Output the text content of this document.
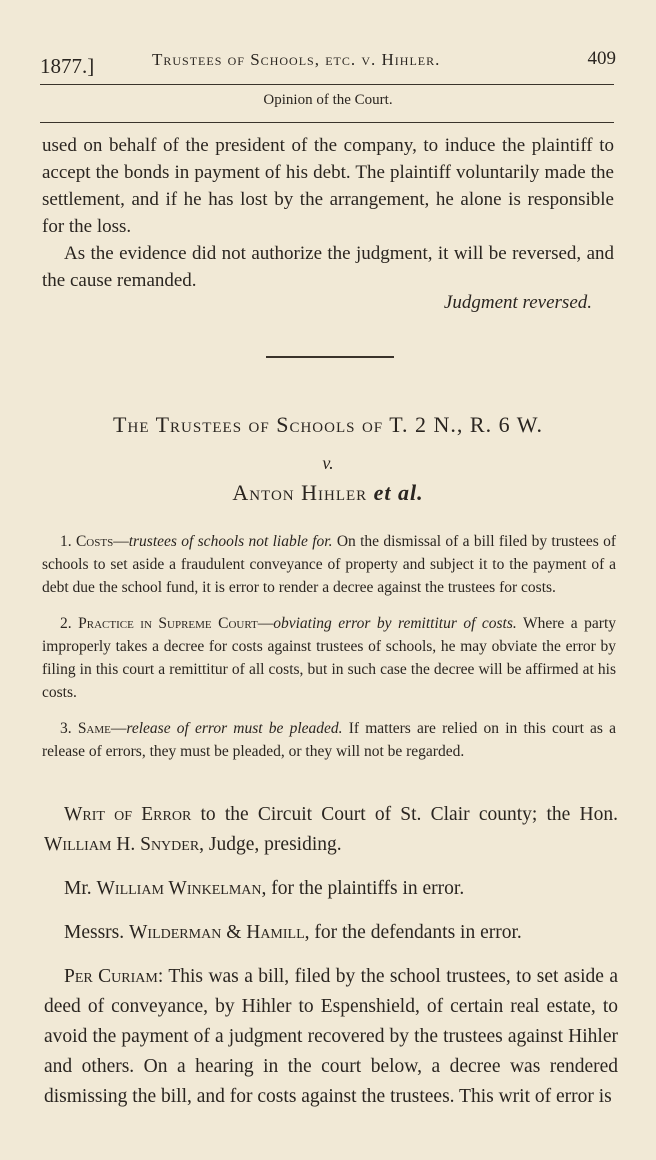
1877.]	Trustees of Schools, etc. v. Hihler.	409
Opinion of the Court.

used on behalf of the president of the company, to induce the plaintiff to accept the bonds in payment of his debt. The plaintiff voluntarily made the settlement, and if he has lost by the arrangement, he alone is responsible for the loss.

As the evidence did not authorize the judgment, it will be reversed, and the cause remanded.

Judgment reversed.
The Trustees of Schools of T. 2 N., R. 6 W.
v.
Anton Hihler et al.

1. Costs—trustees of schools not liable for. On the dismissal of a bill filed by trustees of schools to set aside a fraudulent conveyance of property and subject it to the payment of a debt due the school fund, it is error to render a decree against the trustees for costs.

2. Practice in Supreme Court—obviating error by remittitur of costs. Where a party improperly takes a decree for costs against trustees of schools, he may obviate the error by filing in this court a remittitur of all costs, but in such case the decree will be affirmed at his costs.

3. Same—release of error must be pleaded. If matters are relied on in this court as a release of errors, they must be pleaded, or they will not be regarded.

Writ of Error to the Circuit Court of St. Clair county; the Hon. William H. Snyder, Judge, presiding.

Mr. William Winkelman, for the plaintiffs in error.

Messrs. Wilderman & Hamill, for the defendants in error.

Per Curiam: This was a bill, filed by the school trustees, to set aside a deed of conveyance, by Hihler to Espenshield, of certain real estate, to avoid the payment of a judgment recovered by the trustees against Hihler and others. On a hearing in the court below, a decree was rendered dismissing the bill, and for costs against the trustees. This writ of error is
